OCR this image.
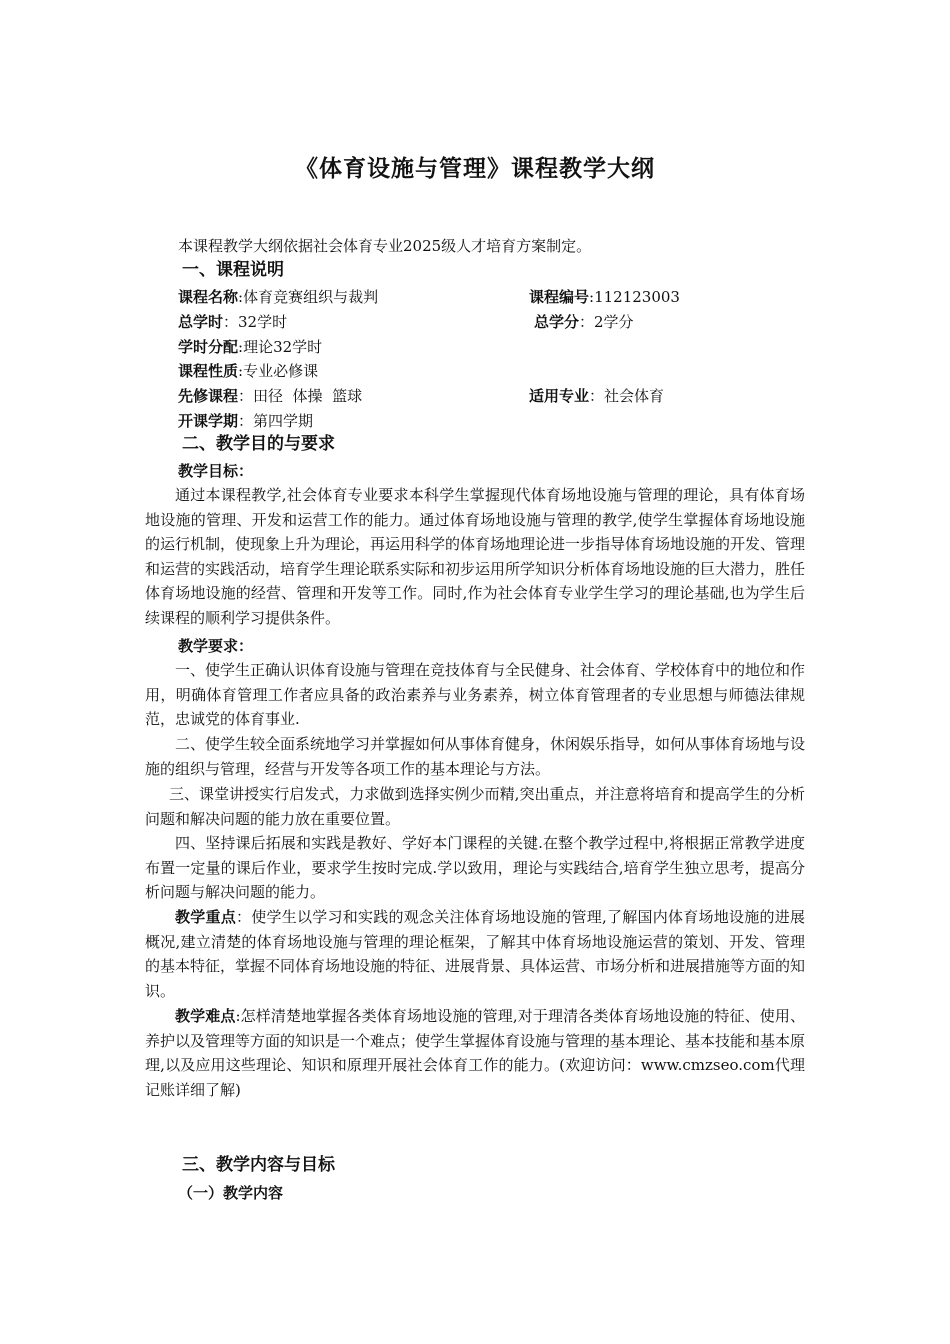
《体育设施与管理》课程教学大纲
本课程教学大纲依据社会体育专业2025级人才培育方案制定。
一、课程说明
课程名称:体育竞赛组织与裁判	课程编号:112123003
总学时：32学时	总学分：2学分
学时分配:理论32学时
课程性质:专业必修课
先修课程：田径  体操  篮球	适用专业：社会体育
开课学期：第四学期
二、教学目的与要求
教学目标：
通过本课程教学,社会体育专业要求本科学生掌握现代体育场地设施与管理的理论，具有体育场地设施的管理、开发和运营工作的能力。通过体育场地设施与管理的教学,使学生掌握体育场地设施的运行机制，使现象上升为理论，再运用科学的体育场地理论进一步指导体育场地设施的开发、管理和运营的实践活动，培育学生理论联系实际和初步运用所学知识分析体育场地设施的巨大潜力，胜任体育场地设施的经营、管理和开发等工作。同时,作为社会体育专业学生学习的理论基础,也为学生后续课程的顺利学习提供条件。
教学要求：
一、使学生正确认识体育设施与管理在竞技体育与全民健身、社会体育、学校体育中的地位和作用，明确体育管理工作者应具备的政治素养与业务素养，树立体育管理者的专业思想与师德法律规范，忠诚党的体育事业.
二、使学生较全面系统地学习并掌握如何从事体育健身，休闲娱乐指导，如何从事体育场地与设施的组织与管理，经营与开发等各项工作的基本理论与方法。
三、课堂讲授实行启发式，力求做到选择实例少而精,突出重点，并注意将培育和提高学生的分析问题和解决问题的能力放在重要位置。
四、坚持课后拓展和实践是教好、学好本门课程的关键.在整个教学过程中,将根据正常教学进度布置一定量的课后作业，要求学生按时完成.学以致用，理论与实践结合,培育学生独立思考，提高分析问题与解决问题的能力。
教学重点：使学生以学习和实践的观念关注体育场地设施的管理,了解国内体育场地设施的进展概况,建立清楚的体育场地设施与管理的理论框架，了解其中体育场地设施运营的策划、开发、管理的基本特征，掌握不同体育场地设施的特征、进展背景、具体运营、市场分析和进展措施等方面的知识。
教学难点:怎样清楚地掌握各类体育场地设施的管理,对于理清各类体育场地设施的特征、使用、养护以及管理等方面的知识是一个难点；使学生掌握体育设施与管理的基本理论、基本技能和基本原理,以及应用这些理论、知识和原理开展社会体育工作的能力。(欢迎访问：www.cmzseo.com代理记账详细了解)
三、教学内容与目标
（一）教学内容
